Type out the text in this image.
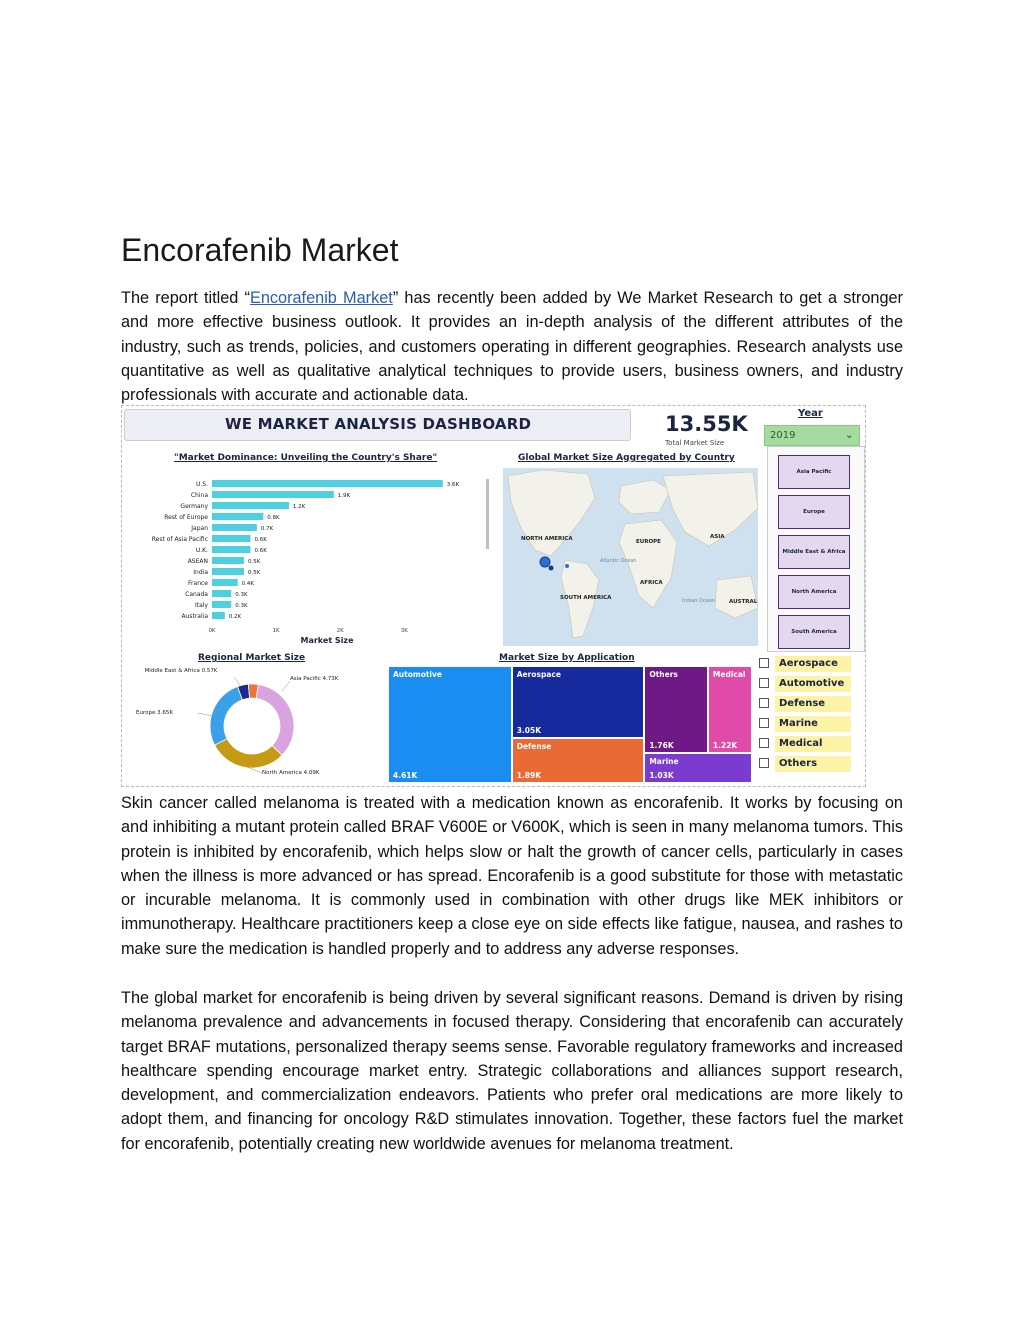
Encorafenib Market

The report titled “Encorafenib Market” has recently been added by We Market Research to get a stronger and more effective business outlook. It provides an in-depth analysis of the different attributes of the industry, such as trends, policies, and customers operating in different geographies. Research analysts use quantitative as well as qualitative analytical techniques to provide users, business owners, and industry professionals with accurate and actionable data.

WE MARKET ANALYSIS DASHBOARD	13.55K
Total Market Size
Year
2019	⌄
"Market Dominance: Unveiling the Country's Share"
U.S.	3.6K
China	1.9K
Germany	1.2K
Rest of Europe	0.8K
Japan	0.7K
Rest of Asia Pacific	0.6K
U.K.	0.6K
ASEAN	0.5K
India	0.5K
France	0.4K
Canada	0.3K
Italy	0.3K
Australia	0.2K
0K	1K	2K	3K
Market Size
Global Market Size Aggregated by Country
NORTH AMERICA	EUROPE
ASIA
AFRICA
SOUTH AMERICA
AUSTRAL
Atlantic Ocean
Indian Ocean
Asia Pacific
Europe
Middle East & Africa
North America
South America
Regional Market Size
Middle East & Africa 0.57K
Asia Pacific 4.73K
Europe 3.65K
North America 4.09K
Market Size by Application
Automotive
4.61K
Aerospace
3.05K
Defense
1.89K
Others
1.76K
Medical
1.22K
Marine
1.03K
Aerospace
Automotive
Defense
Marine
Medical
Others

Skin cancer called melanoma is treated with a medication known as encorafenib. It works by focusing on and inhibiting a mutant protein called BRAF V600E or V600K, which is seen in many melanoma tumors. This protein is inhibited by encorafenib, which helps slow or halt the growth of cancer cells, particularly in cases when the illness is more advanced or has spread. Encorafenib is a good substitute for those with metastatic or incurable melanoma. It is commonly used in combination with other drugs like MEK inhibitors or immunotherapy. Healthcare practitioners keep a close eye on side effects like fatigue, nausea, and rashes to make sure the medication is handled properly and to address any adverse responses.

The global market for encorafenib is being driven by several significant reasons. Demand is driven by rising melanoma prevalence and advancements in focused therapy. Considering that encorafenib can accurately target BRAF mutations, personalized therapy seems sense. Favorable regulatory frameworks and increased healthcare spending encourage market entry. Strategic collaborations and alliances support research, development, and commercialization endeavors. Patients who prefer oral medications are more likely to adopt them, and financing for oncology R&D stimulates innovation. Together, these factors fuel the market for encorafenib, potentially creating new worldwide avenues for melanoma treatment.
